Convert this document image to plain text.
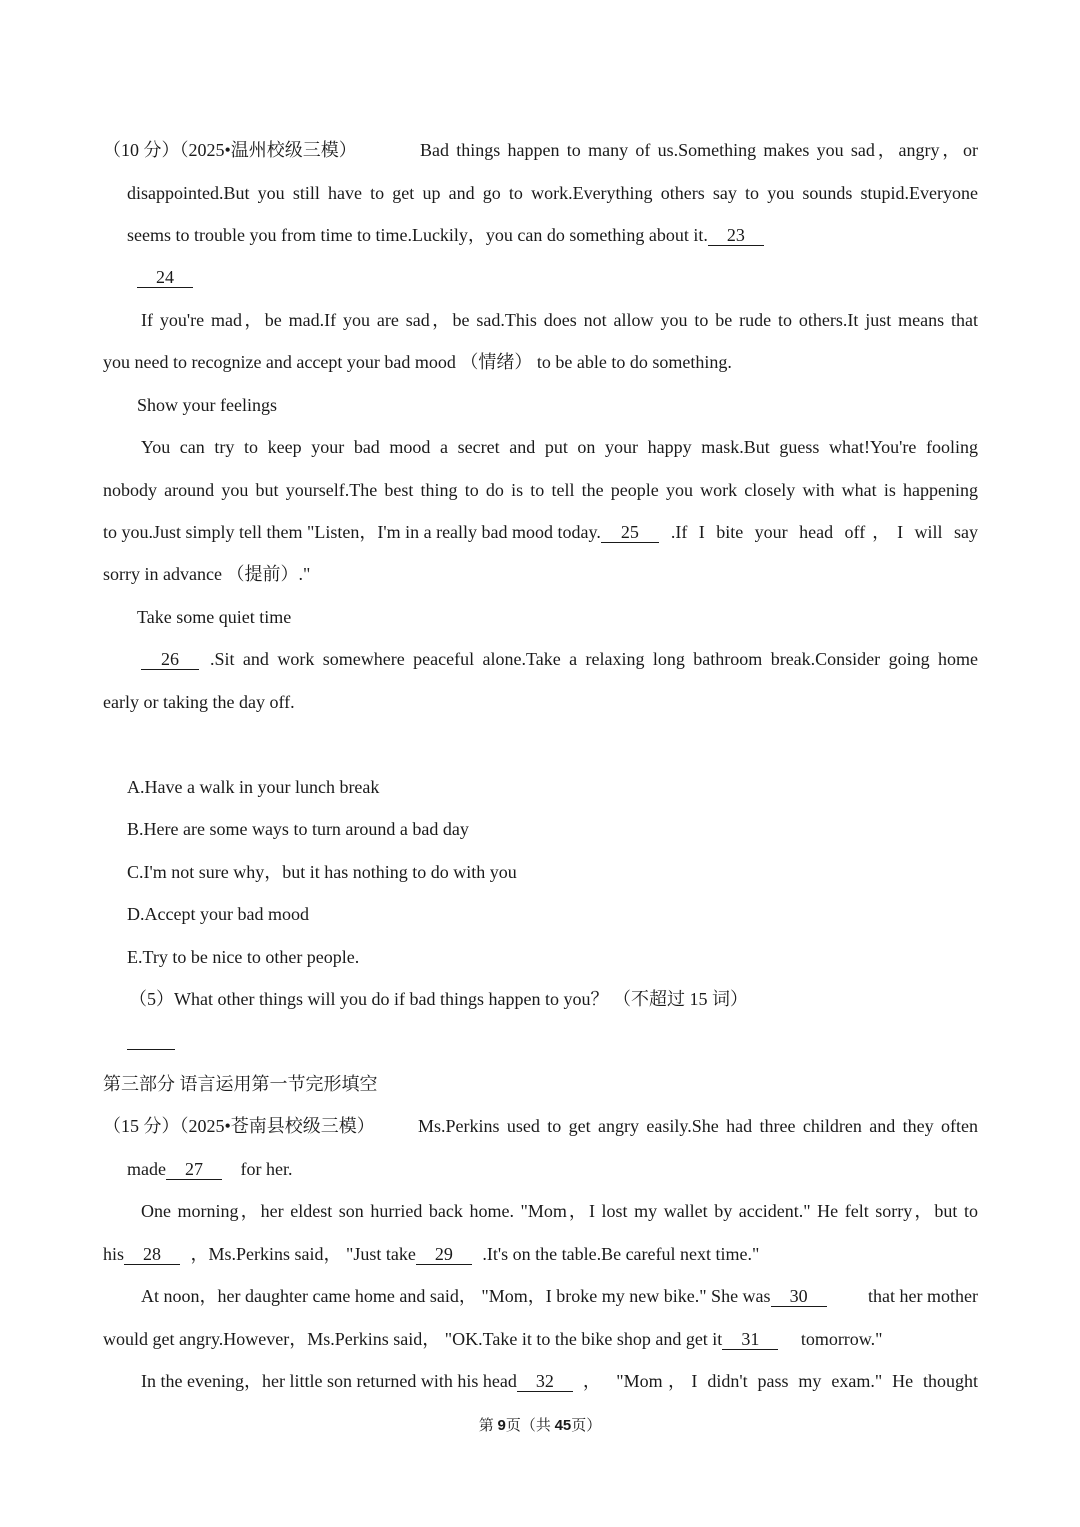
（10 分）（2025•温州校级三模）	Bad things happen to many of us.Something makes you sad，angry，or
disappointed.But you still have to get up and go to work.Everything others say to you sounds stupid.Everyone
seems to trouble you from time to time.Luckily，you can do something about it. 23
24
If you're mad，be mad.If you are sad，be sad.This does not allow you to be rude to others.It just means that
you need to recognize and accept your bad mood （情绪） to be able to do something.
Show your feelings
You can try to keep your bad mood a secret and put on your happy mask.But guess what!You're fooling
nobody around you but yourself.The best thing to do is to tell the people you work closely with what is happening
to you.Just simply tell them "Listen，I'm in a really bad mood today.	25	.If I bite your head off，I will say
sorry in advance （提前）."
Take some quiet time
26	.Sit and work somewhere peaceful alone.Take a relaxing long bathroom break.Consider going home
early or taking the day off.
A.Have a walk in your lunch break
B.Here are some ways to turn around a bad day
C.I'm not sure why，but it has nothing to do with you
D.Accept your bad mood
E.Try to be nice to other people.
（5）What other things will you do if bad things happen to you？ （不超过 15 词）
第三部分 语言运用第一节完形填空
（15 分）（2025•苍南县校级三模） Ms.Perkins used to get angry easily.She had three children and they often
made 27 for her.
One morning，her eldest son hurried back home. "Mom，I lost my wallet by accident." He felt sorry，but to
his 28 ，Ms.Perkins said， "Just take 29 .It's on the table.Be careful next time."
At noon，her daughter came home and said， "Mom，I broke my new bike." She was	30	that her mother
would get angry.However，Ms.Perkins said， "OK.Take it to the bike shop and get it 31 tomorrow."
In the evening，her little son returned with his head	32	， "Mom，I didn't pass my exam." He thought
第 9页（共 45页）
